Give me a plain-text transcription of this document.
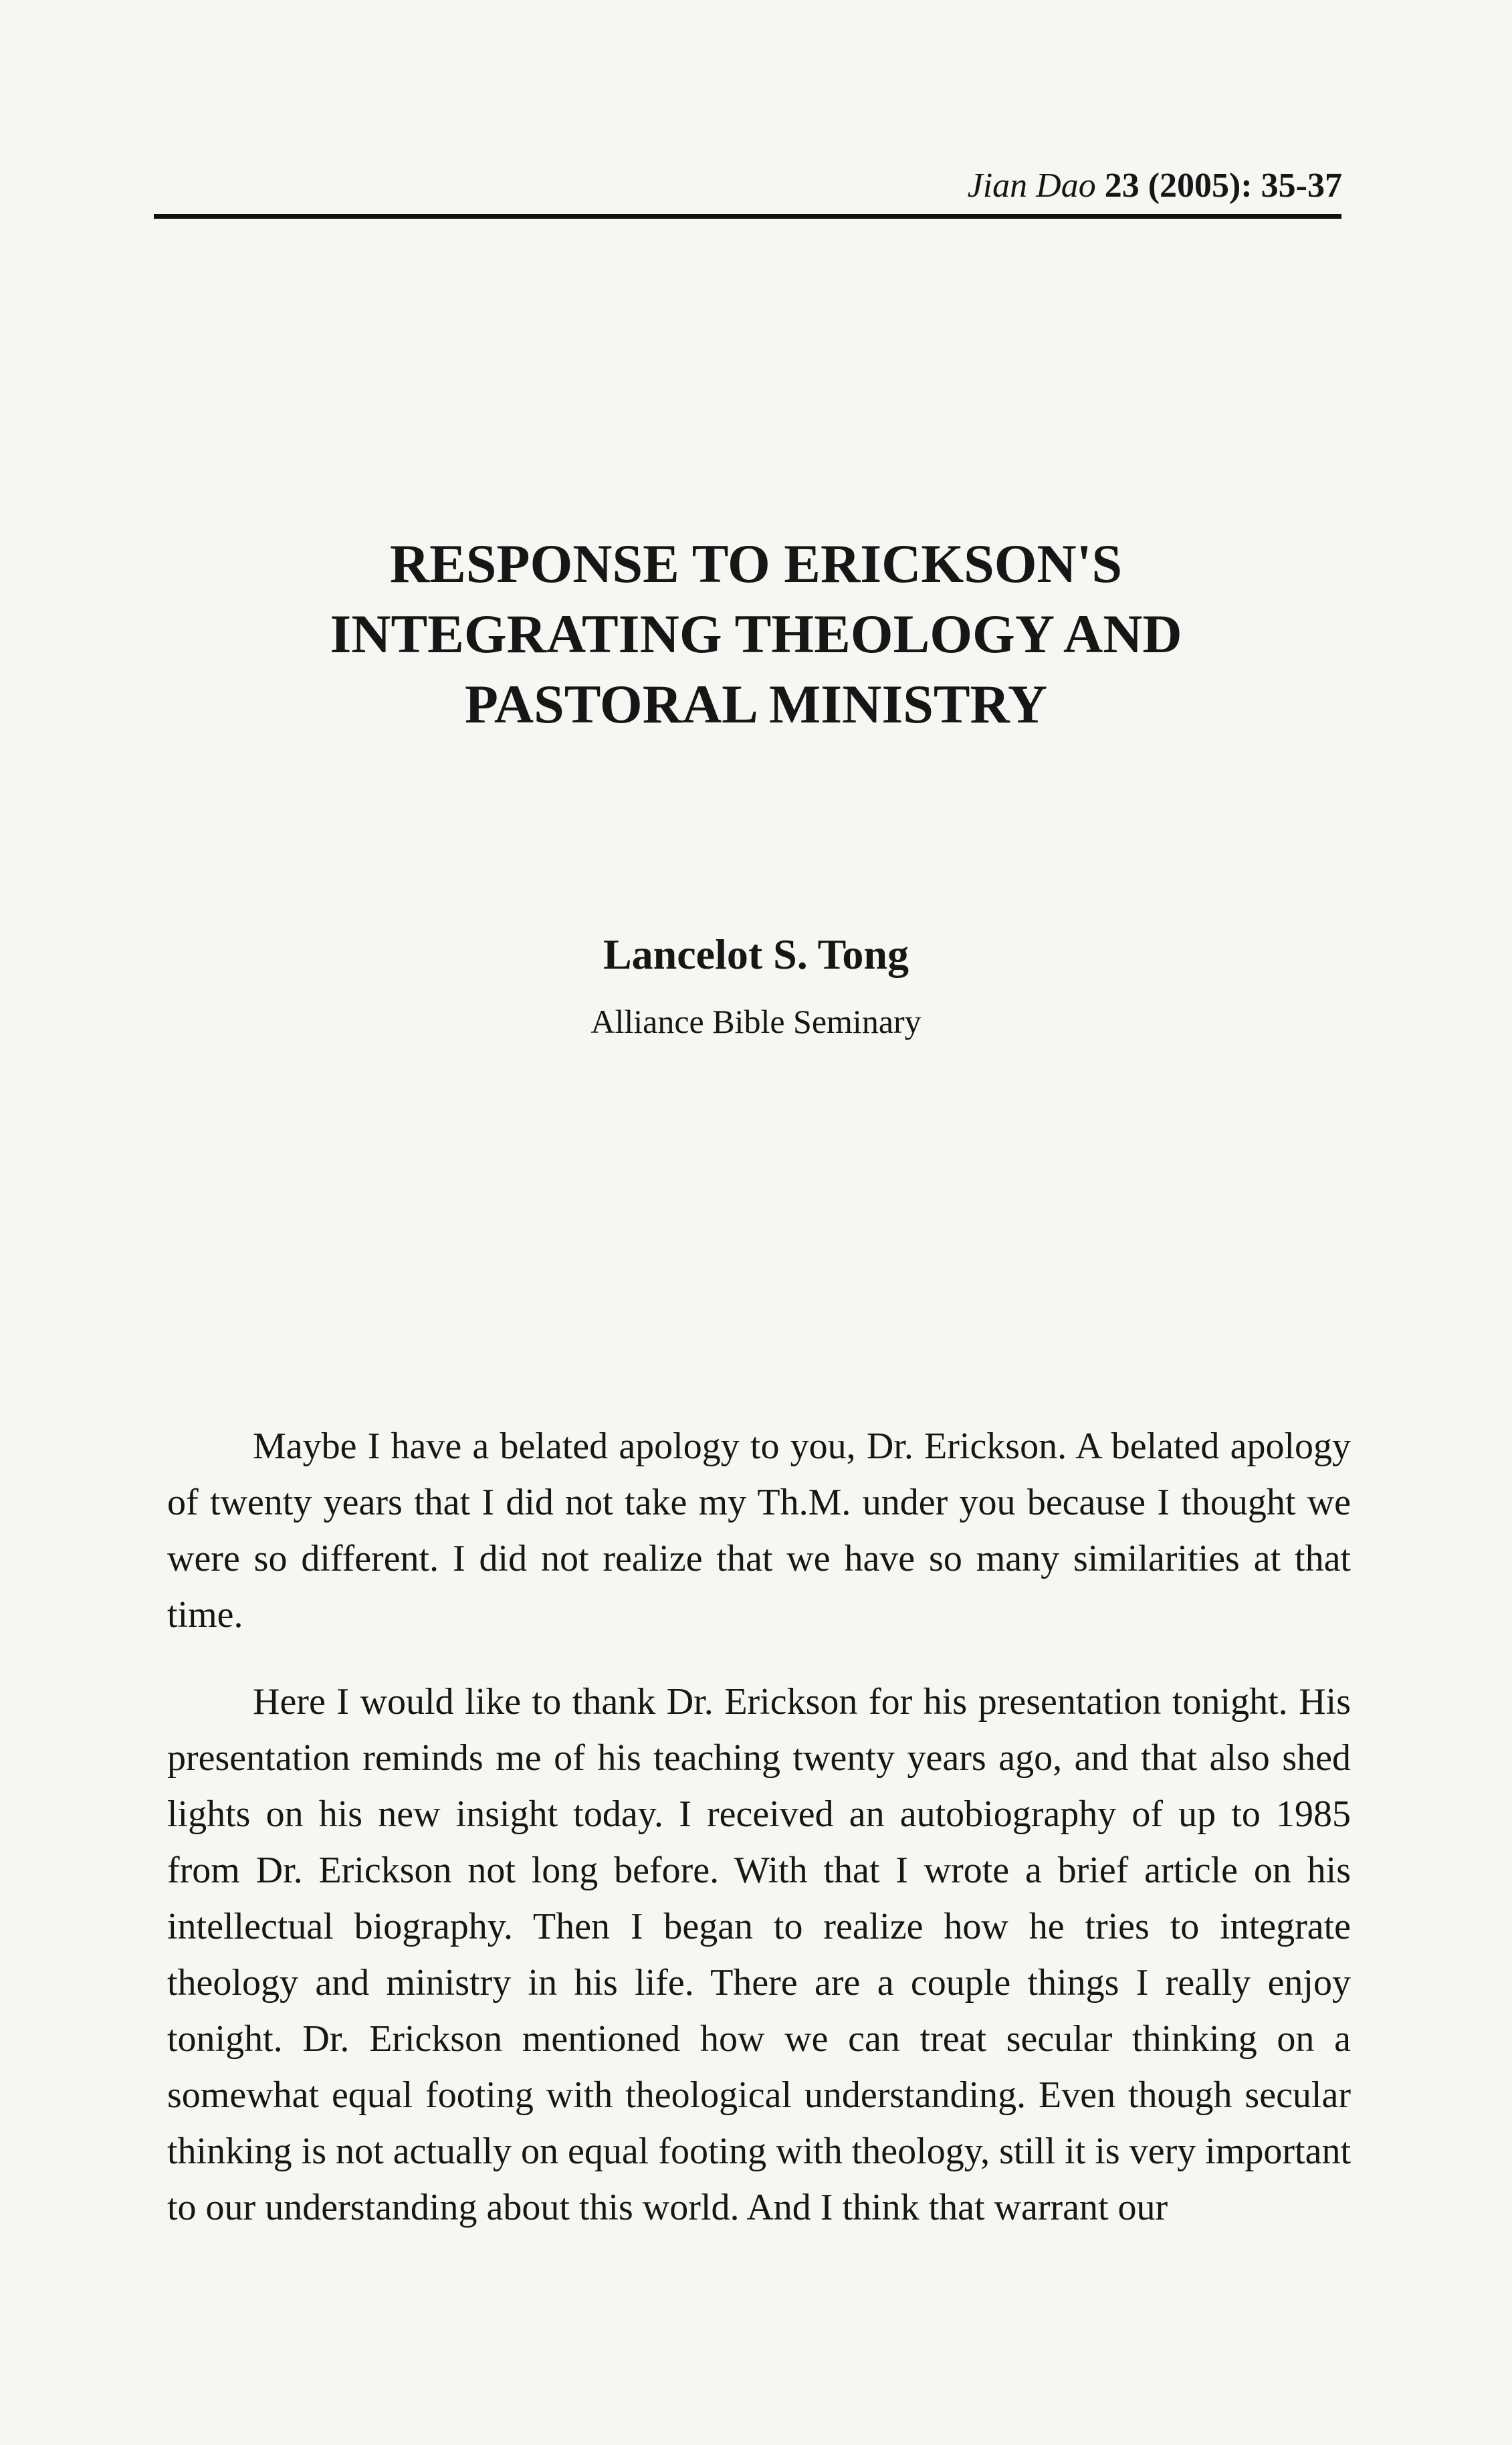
Jian Dao 23 (2005): 35-37
RESPONSE TO ERICKSON'S
INTEGRATING THEOLOGY AND
PASTORAL MINISTRY
Lancelot S. Tong
Alliance Bible Seminary

Maybe I have a belated apology to you, Dr. Erickson. A belated apology of twenty years that I did not take my Th.M. under you because I thought we were so different. I did not realize that we have so many similarities at that time.

Here I would like to thank Dr. Erickson for his presentation tonight. His presentation reminds me of his teaching twenty years ago, and that also shed lights on his new insight today. I received an autobiography of up to 1985 from Dr. Erickson not long before. With that I wrote a brief article on his intellectual biography. Then I began to realize how he tries to integrate theology and ministry in his life. There are a couple things I really enjoy tonight. Dr. Erickson mentioned how we can treat secular thinking on a somewhat equal footing with theological understanding. Even though secular thinking is not actually on equal footing with theology, still it is very important to our understanding about this world. And I think that warrant our
